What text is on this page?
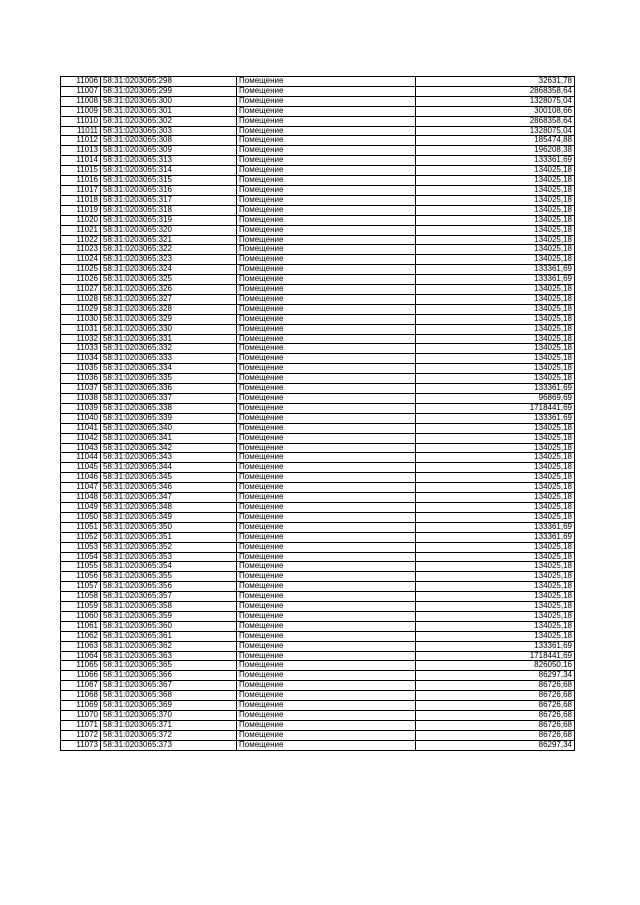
11006	58:31:0203065:298	Помещение	32631,78
11007	58:31:0203065:299	Помещение	2868358,64
11008	58:31:0203065:300	Помещение	1328075,04
11009	58:31:0203065:301	Помещение	300108,66
11010	58:31:0203065:302	Помещение	2868358,64
11011	58:31:0203065:303	Помещение	1328075,04
11012	58:31:0203065:308	Помещение	185474,88
11013	58:31:0203065:309	Помещение	196208,38
11014	58:31:0203065:313	Помещение	133361,69
11015	58:31:0203065:314	Помещение	134025,18
11016	58:31:0203065:315	Помещение	134025,18
11017	58:31:0203065:316	Помещение	134025,18
11018	58:31:0203065:317	Помещение	134025,18
11019	58:31:0203065:318	Помещение	134025,18
11020	58:31:0203065:319	Помещение	134025,18
11021	58:31:0203065:320	Помещение	134025,18
11022	58:31:0203065:321	Помещение	134025,18
11023	58:31:0203065:322	Помещение	134025,18
11024	58:31:0203065:323	Помещение	134025,18
11025	58:31:0203065:324	Помещение	133361,69
11026	58:31:0203065:325	Помещение	133361,69
11027	58:31:0203065:326	Помещение	134025,18
11028	58:31:0203065:327	Помещение	134025,18
11029	58:31:0203065:328	Помещение	134025,18
11030	58:31:0203065:329	Помещение	134025,18
11031	58:31:0203065:330	Помещение	134025,18
11032	58:31:0203065:331	Помещение	134025,18
11033	58:31:0203065:332	Помещение	134025,18
11034	58:31:0203065:333	Помещение	134025,18
11035	58:31:0203065:334	Помещение	134025,18
11036	58:31:0203065:335	Помещение	134025,18
11037	58:31:0203065:336	Помещение	133361,69
11038	58:31:0203065:337	Помещение	96869,69
11039	58:31:0203065:338	Помещение	1718441,69
11040	58:31:0203065:339	Помещение	133361,69
11041	58:31:0203065:340	Помещение	134025,18
11042	58:31:0203065:341	Помещение	134025,18
11043	58:31:0203065:342	Помещение	134025,18
11044	58:31:0203065:343	Помещение	134025,18
11045	58:31:0203065:344	Помещение	134025,18
11046	58:31:0203065:345	Помещение	134025,18
11047	58:31:0203065:346	Помещение	134025,18
11048	58:31:0203065:347	Помещение	134025,18
11049	58:31:0203065:348	Помещение	134025,18
11050	58:31:0203065:349	Помещение	134025,18
11051	58:31:0203065:350	Помещение	133361,69
11052	58:31:0203065:351	Помещение	133361,69
11053	58:31:0203065:352	Помещение	134025,18
11054	58:31:0203065:353	Помещение	134025,18
11055	58:31:0203065:354	Помещение	134025,18
11056	58:31:0203065:355	Помещение	134025,18
11057	58:31:0203065:356	Помещение	134025,18
11058	58:31:0203065:357	Помещение	134025,18
11059	58:31:0203065:358	Помещение	134025,18
11060	58:31:0203065:359	Помещение	134025,18
11061	58:31:0203065:360	Помещение	134025,18
11062	58:31:0203065:361	Помещение	134025,18
11063	58:31:0203065:362	Помещение	133361,69
11064	58:31:0203065:363	Помещение	1718441,69
11065	58:31:0203065:365	Помещение	826050,16
11066	58:31:0203065:366	Помещение	86297,34
11067	58:31:0203065:367	Помещение	86726,68
11068	58:31:0203065:368	Помещение	86726,68
11069	58:31:0203065:369	Помещение	86726,68
11070	58:31:0203065:370	Помещение	86726,68
11071	58:31:0203065:371	Помещение	86726,68
11072	58:31:0203065:372	Помещение	86726,68
11073	58:31:0203065:373	Помещение	86297,34
